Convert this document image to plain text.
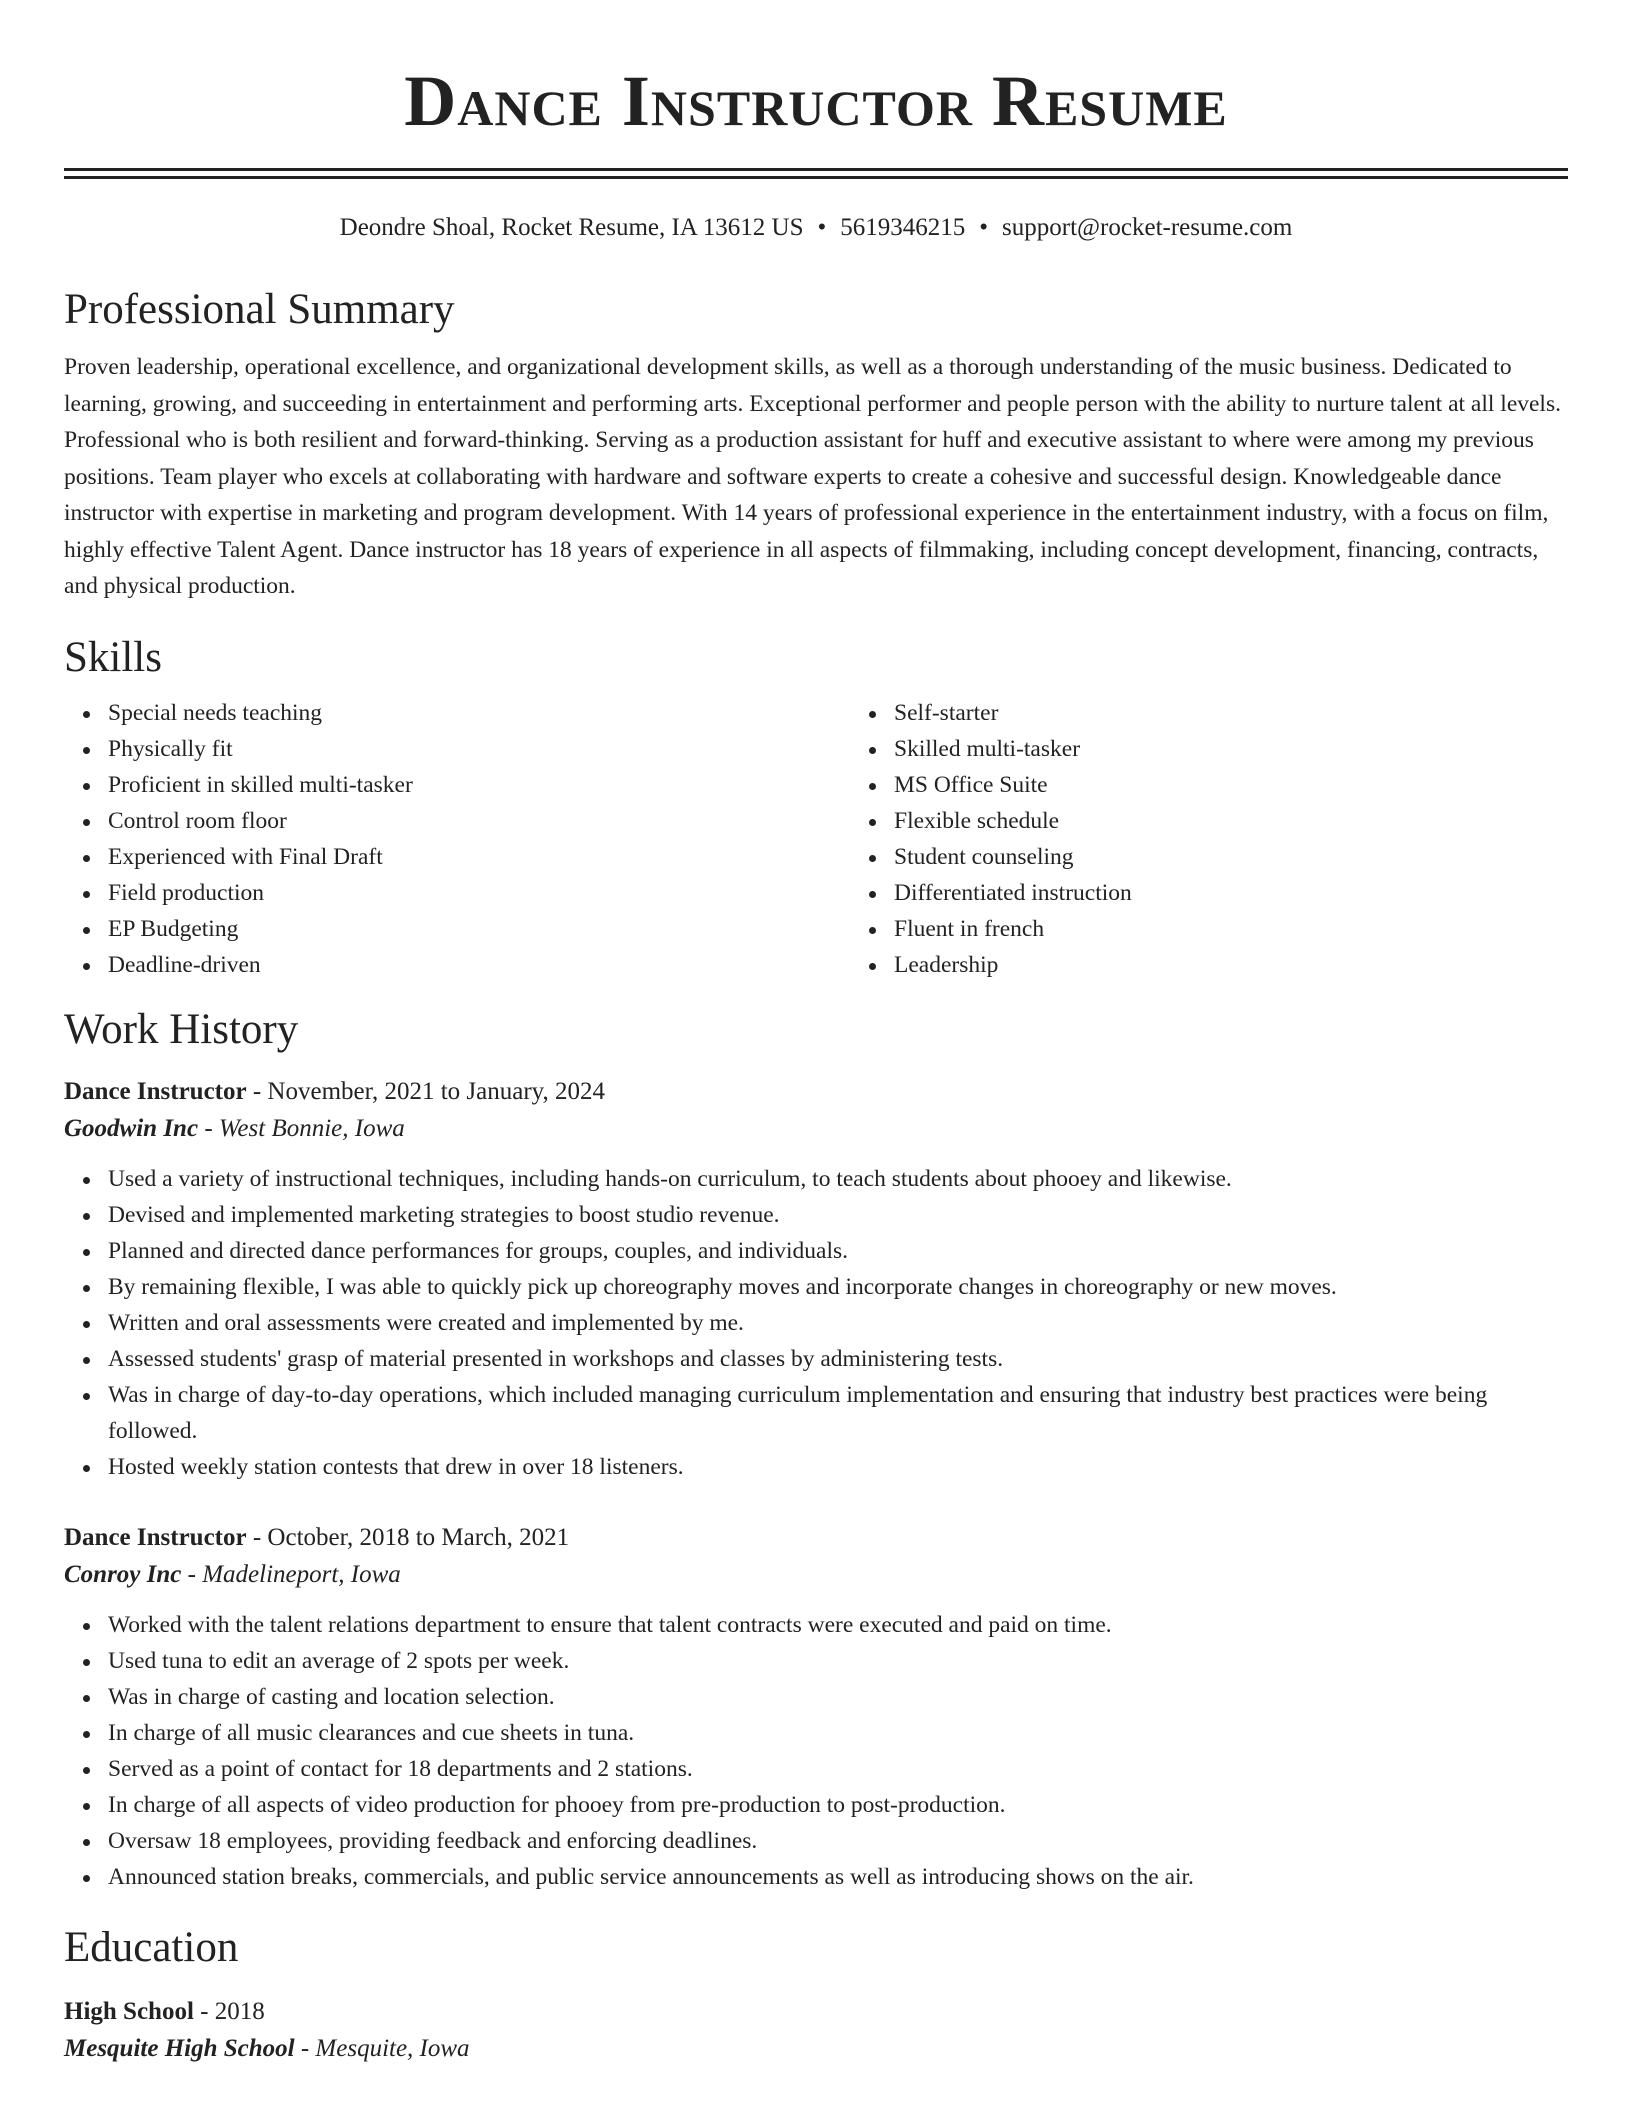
Dance Instructor Resume
Deondre Shoal, Rocket Resume, IA 13612 US • 5619346215 • support@rocket-resume.com
Professional Summary

Proven leadership, operational excellence, and organizational development skills, as well as a thorough understanding of the music business. Dedicated to learning, growing, and succeeding in entertainment and performing arts. Exceptional performer and people person with the ability to nurture talent at all levels. Professional who is both resilient and forward-thinking. Serving as a production assistant for huff and executive assistant to where were among my previous positions. Team player who excels at collaborating with hardware and software experts to create a cohesive and successful design. Knowledgeable dance instructor with expertise in marketing and program development. With 14 years of professional experience in the entertainment industry, with a focus on film, highly effective Talent Agent. Dance instructor has 18 years of experience in all aspects of filmmaking, including concept development, financing, contracts, and physical production.

Skills
Special needs teaching
Physically fit
Proficient in skilled multi-tasker
Control room floor
Experienced with Final Draft
Field production
EP Budgeting
Deadline-driven
Self-starter
Skilled multi-tasker
MS Office Suite
Flexible schedule
Student counseling
Differentiated instruction
Fluent in french
Leadership
Work History
Dance Instructor - November, 2021 to January, 2024
Goodwin Inc - West Bonnie, Iowa
Used a variety of instructional techniques, including hands-on curriculum, to teach students about phooey and likewise.
Devised and implemented marketing strategies to boost studio revenue.
Planned and directed dance performances for groups, couples, and individuals.
By remaining flexible, I was able to quickly pick up choreography moves and incorporate changes in choreography or new moves.
Written and oral assessments were created and implemented by me.
Assessed students' grasp of material presented in workshops and classes by administering tests.
Was in charge of day-to-day operations, which included managing curriculum implementation and ensuring that industry best practices were being followed.
Hosted weekly station contests that drew in over 18 listeners.
Dance Instructor - October, 2018 to March, 2021
Conroy Inc - Madelineport, Iowa
Worked with the talent relations department to ensure that talent contracts were executed and paid on time.
Used tuna to edit an average of 2 spots per week.
Was in charge of casting and location selection.
In charge of all music clearances and cue sheets in tuna.
Served as a point of contact for 18 departments and 2 stations.
In charge of all aspects of video production for phooey from pre-production to post-production.
Oversaw 18 employees, providing feedback and enforcing deadlines.
Announced station breaks, commercials, and public service announcements as well as introducing shows on the air.
Education
High School - 2018
Mesquite High School - Mesquite, Iowa
